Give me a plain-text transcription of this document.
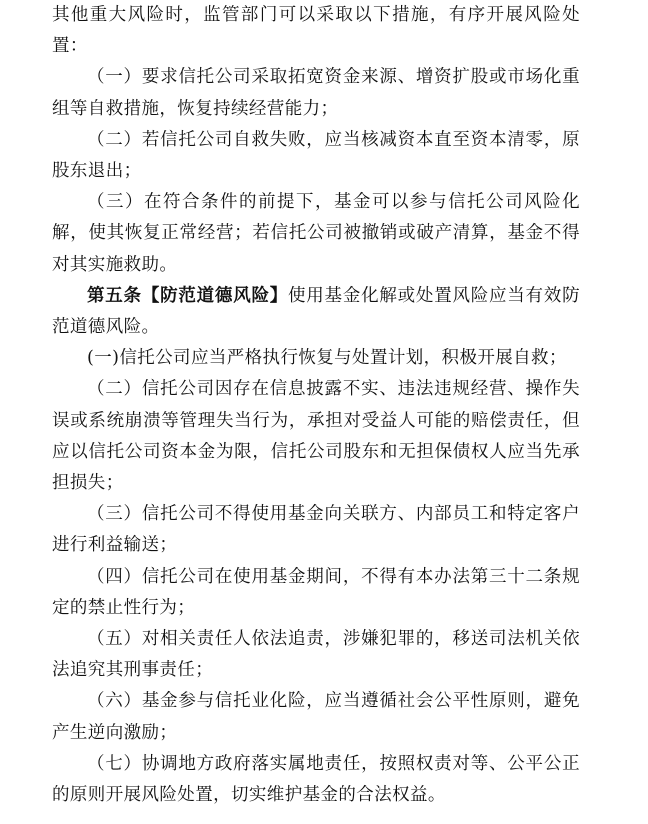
其他重大风险时，监管部门可以采取以下措施，有序开展风险处置：

（一）要求信托公司采取拓宽资金来源、增资扩股或市场化重组等自救措施，恢复持续经营能力；

（二）若信托公司自救失败，应当核减资本直至资本清零，原股东退出；

（三）在符合条件的前提下，基金可以参与信托公司风险化解，使其恢复正常经营；若信托公司被撤销或破产清算，基金不得对其实施救助。

第五条【防范道德风险】使用基金化解或处置风险应当有效防范道德风险。

(一)信托公司应当严格执行恢复与处置计划，积极开展自救；

（二）信托公司因存在信息披露不实、违法违规经营、操作失误或系统崩溃等管理失当行为，承担对受益人可能的赔偿责任，但应以信托公司资本金为限，信托公司股东和无担保债权人应当先承担损失；

（三）信托公司不得使用基金向关联方、内部员工和特定客户进行利益输送；

（四）信托公司在使用基金期间，不得有本办法第三十二条规定的禁止性行为；

（五）对相关责任人依法追责，涉嫌犯罪的，移送司法机关依法追究其刑事责任；

（六）基金参与信托业化险，应当遵循社会公平性原则，避免产生逆向激励；

（七）协调地方政府落实属地责任，按照权责对等、公平公正的原则开展风险处置，切实维护基金的合法权益。
